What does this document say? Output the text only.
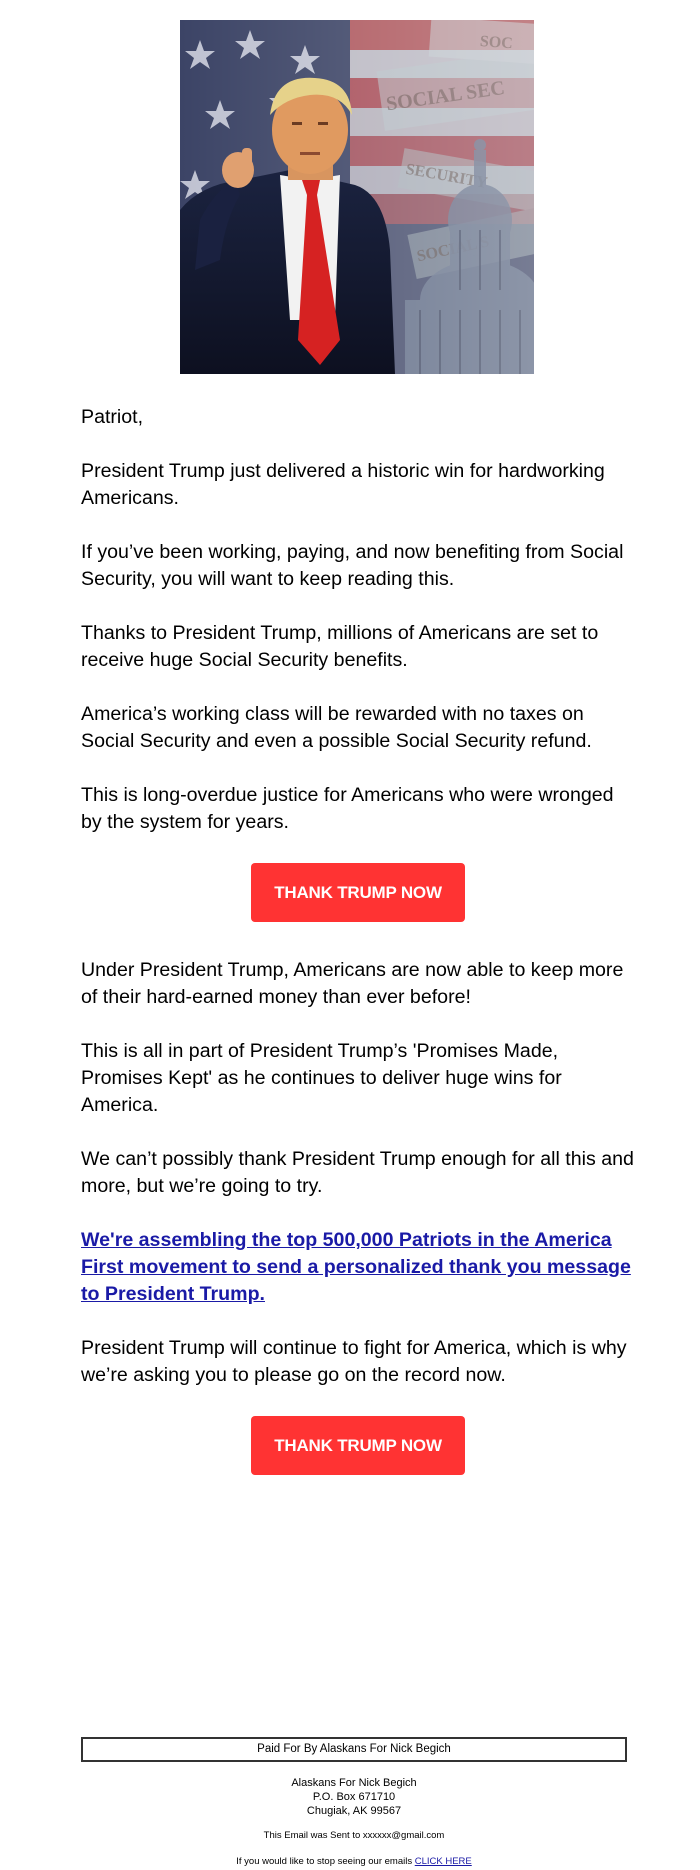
Patriot,

President Trump just delivered a historic win for hardworking Americans.

If you’ve been working, paying, and now benefiting from Social Security, you will want to keep reading this.

Thanks to President Trump, millions of Americans are set to receive huge Social Security benefits.

America’s working class will be rewarded with no taxes on Social Security and even a possible Social Security refund.

This is long-overdue justice for Americans who were wronged by the system for years.

THANK TRUMP NOW

Under President Trump, Americans are now able to keep more of their hard-earned money than ever before!

This is all in part of President Trump’s 'Promises Made, Promises Kept' as he continues to deliver huge wins for America.

We can’t possibly thank President Trump enough for all this and more, but we’re going to try.

We're assembling the top 500,000 Patriots in the America First movement to send a personalized thank you message to President Trump.

President Trump will continue to fight for America, which is why we’re asking you to please go on the record now.

THANK TRUMP NOW
Paid For By Alaskans For Nick Begich
Alaskans For Nick Begich
P.O. Box 671710
Chugiak, AK 99567
This Email was Sent to xxxxxx@gmail.com
If you would like to stop seeing our emails CLICK HERE
